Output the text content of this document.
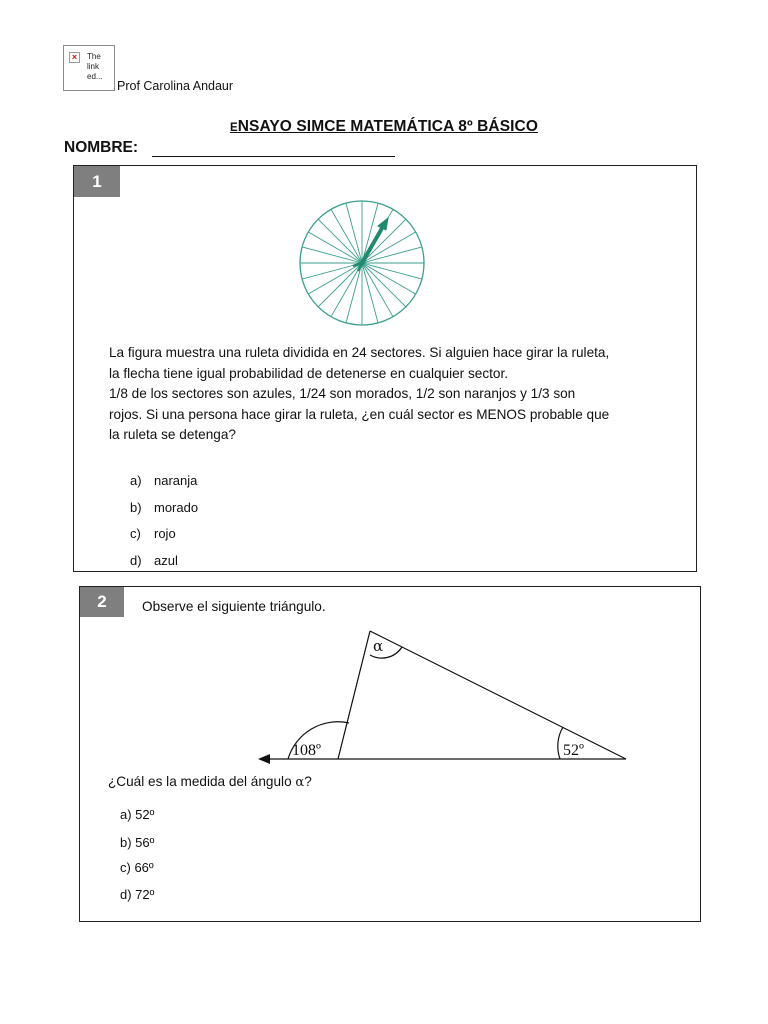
×	The link ed...
Prof Carolina Andaur
ENSAYO SIMCE MATEMÁTICA 8º BÁSICO
NOMBRE:
1
La figura muestra una ruleta dividida en 24 sectores. Si alguien hace girar la ruleta,
la flecha tiene igual probabilidad de detenerse en cualquier sector.
1/8 de los sectores son azules, 1/24 son morados, 1/2 son naranjos y 1/3 son
rojos. Si una persona hace girar la ruleta, ¿en cuál sector es MENOS probable que
la ruleta se detenga?
a) naranja
b) morado
c) rojo
d) azul
2	Observe el siguiente triángulo.
α
108º	52º
¿Cuál es la medida del ángulo α?
a) 52º
b) 56º
c) 66º
d) 72º
